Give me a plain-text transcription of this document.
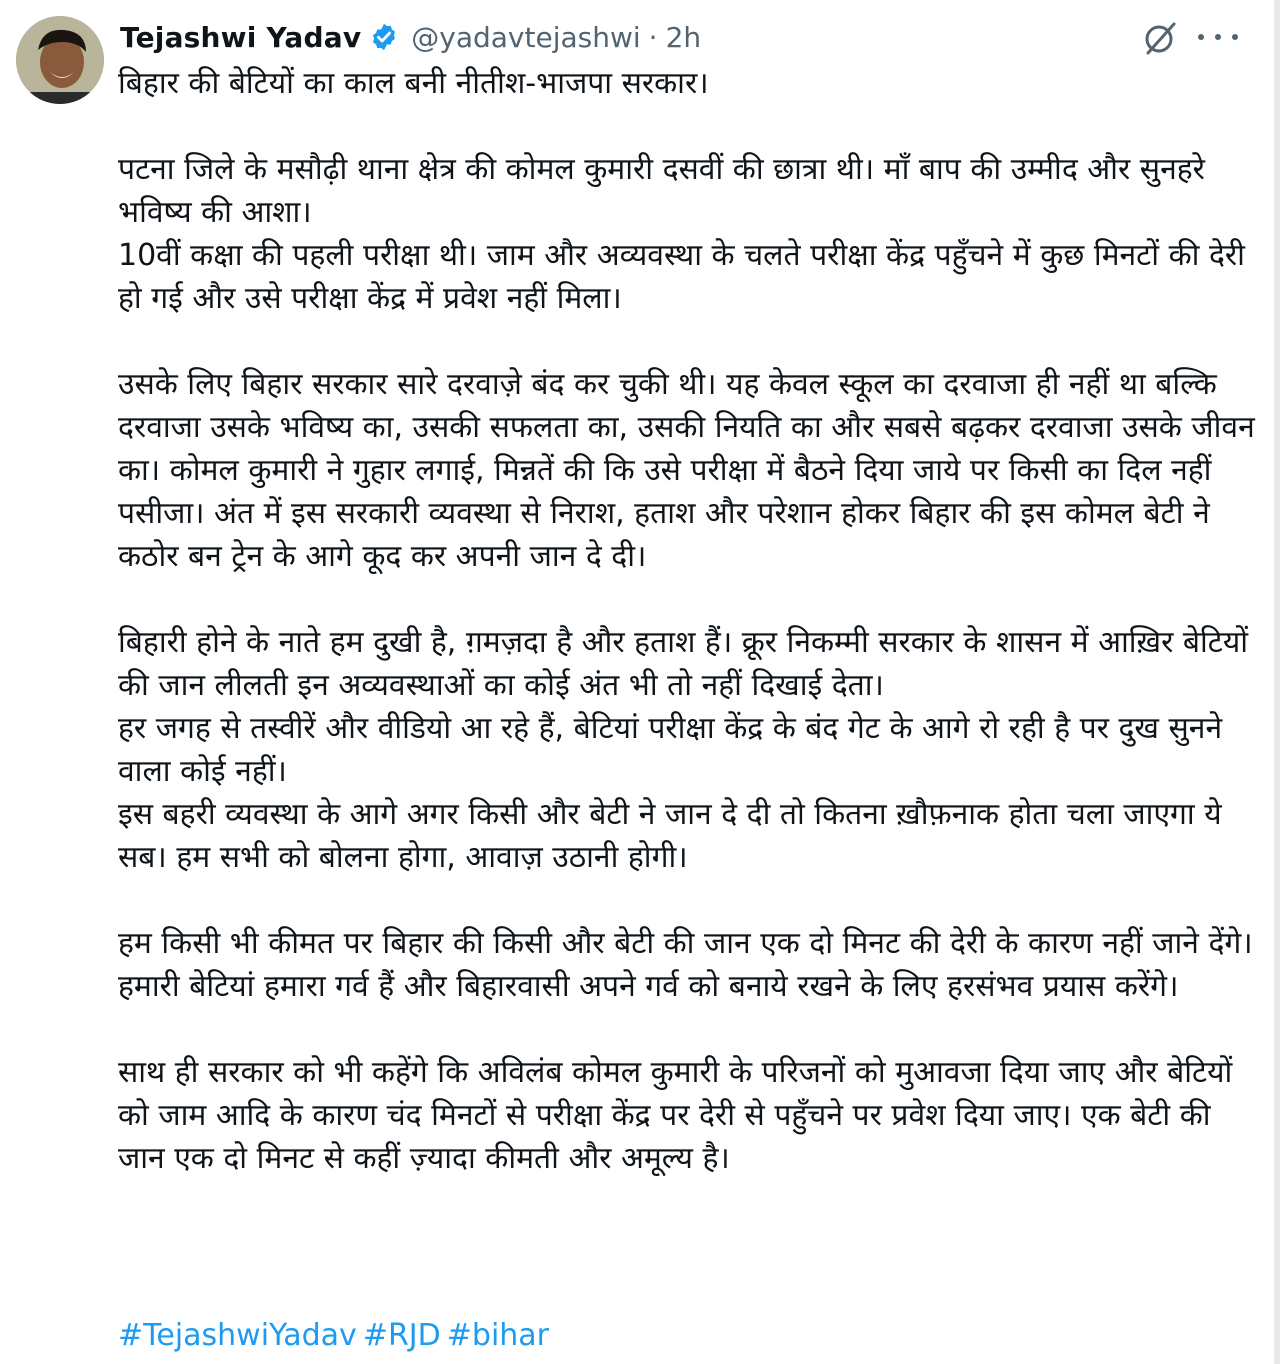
Tejashwi Yadav @yadavtejashwi · 2h

बिहार की बेटियों का काल बनी नीतीश-भाजपा सरकार।

पटना जिले के मसौढ़ी थाना क्षेत्र की कोमल कुमारी दसवीं की छात्रा थी। माँ बाप की उम्मीद और सुनहरे भविष्य की आशा।
10वीं कक्षा की पहली परीक्षा थी। जाम और अव्यवस्था के चलते परीक्षा केंद्र पहुँचने में कुछ मिनटों की देरी हो गई और उसे परीक्षा केंद्र में प्रवेश नहीं मिला।

उसके लिए बिहार सरकार सारे दरवाज़े बंद कर चुकी थी। यह केवल स्कूल का दरवाजा ही नहीं था बल्कि दरवाजा उसके भविष्य का, उसकी सफलता का, उसकी नियति का और सबसे बढ़कर दरवाजा उसके जीवन का। कोमल कुमारी ने गुहार लगाई, मिन्नतें की कि उसे परीक्षा में बैठने दिया जाये पर किसी का दिल नहीं पसीजा। अंत में इस सरकारी व्यवस्था से निराश, हताश और परेशान होकर बिहार की इस कोमल बेटी ने कठोर बन ट्रेन के आगे कूद कर अपनी जान दे दी।

बिहारी होने के नाते हम दुखी है, ग़मज़दा है और हताश हैं। क्रूर निकम्मी सरकार के शासन में आख़िर बेटियों की जान लीलती इन अव्यवस्थाओं का कोई अंत भी तो नहीं दिखाई देता।
हर जगह से तस्वीरें और वीडियो आ रहे हैं, बेटियां परीक्षा केंद्र के बंद गेट के आगे रो रही है पर दुख सुनने वाला कोई नहीं।
इस बहरी व्यवस्था के आगे अगर किसी और बेटी ने जान दे दी तो कितना ख़ौफ़नाक होता चला जाएगा ये सब। हम सभी को बोलना होगा, आवाज़ उठानी होगी।

हम किसी भी कीमत पर बिहार की किसी और बेटी की जान एक दो मिनट की देरी के कारण नहीं जाने देंगे। हमारी बेटियां हमारा गर्व हैं और बिहारवासी अपने गर्व को बनाये रखने के लिए हरसंभव प्रयास करेंगे।

साथ ही सरकार को भी कहेंगे कि अविलंब कोमल कुमारी के परिजनों को मुआवजा दिया जाए और बेटियों को जाम आदि के कारण चंद मिनटों से परीक्षा केंद्र पर देरी से पहुँचने पर प्रवेश दिया जाए। एक बेटी की जान एक दो मिनट से कहीं ज़्यादा कीमती और अमूल्य है।

#TejashwiYadav #RJD #bihar
